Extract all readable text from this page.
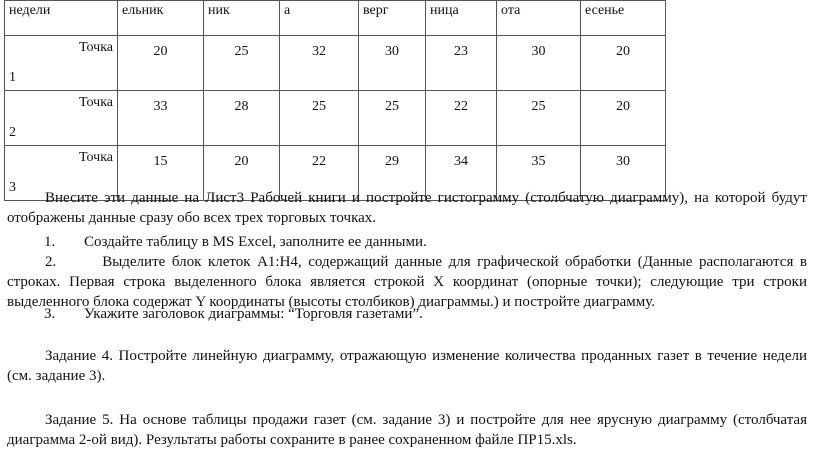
недели	ельник	ник	а	верг	ница	ота	есенье

Точка
1	20	25	32	30	23	30	20

Точка
2	33	28	25	25	22	25	20

Точка
3	15	20	22	29	34	35	30

Внесите эти данные на Лист3 Рабочей книги и постройте гистограмму (столбчатую диаграмму), на которой будут отображены данные сразу обо всех трех торговых точках.

1. Создайте таблицу в MS Excel, заполните ее данными.

2.	Выделите блок клеток А1:Н4, содержащий данные для графической обработки (Данные располагаются в строках. Первая строка выделенного блока является строкой Х координат (опорные точки); следующие три строки выделенного блока содержат Y координаты (высоты столбиков) диаграммы.) и постройте диаграмму.

3. Укажите заголовок диаграммы: “Торговля газетами”.

Задание 4. Постройте линейную диаграмму, отражающую изменение количества проданных газет в течение недели (см. задание 3).

Задание 5. На основе таблицы продажи газет (см. задание 3) и постройте для нее ярусную диаграмму (столбчатая диаграмма 2-ой вид). Результаты работы сохраните в ранее сохраненном файле ПР15.xls.
